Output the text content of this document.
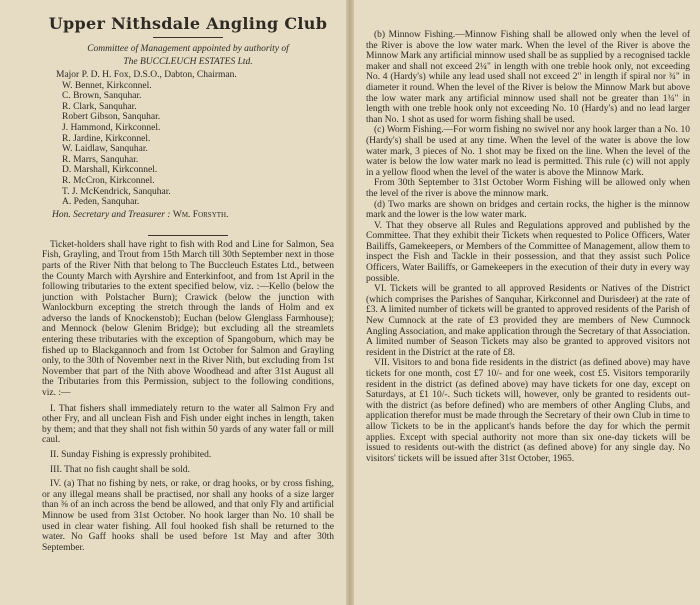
Upper Nithsdale Angling Club
Committee of Management appointed by authority of
The BUCCLEUCH ESTATES Ltd.
Major P. D. H. Fox, D.S.O., Dabton, Chairman.
W. Bennet, Kirkconnel.
C. Brown, Sanquhar.
R. Clark, Sanquhar.
Robert Gibson, Sanquhar.
J. Hammond, Kirkconnel.
R. Jardine, Kirkconnel.
W. Laidlaw, Sanquhar.
R. Marrs, Sanquhar.
D. Marshall, Kirkconnel.
R. McCron, Kirkconnel.
T. J. McKendrick, Sanquhar.
A. Peden, Sanquhar.
Hon. Secretary and Treasurer : Wm. Forsyth.

Ticket-holders shall have right to fish with Rod and Line for Salmon, Sea Fish, Grayling, and Trout from 15th March till 30th September next in those parts of the River Nith that belong to The Buccleuch Estates Ltd., between the County March with Ayrshire and Enterkinfoot, and from 1st April in the following tributaries to the extent specified below, viz. :—Kello (below the junction with Polstacher Burn); Crawick (below the junction with Wanlockburn excepting the stretch through the lands of Holm and ex adverso the lands of Knockenstob); Euchan (below Glenglass Farmhouse); and Mennock (below Glenim Bridge); but excluding all the streamlets entering these tributaries with the exception of Spangoburn, which may be fished up to Blackgannoch and from 1st October for Salmon and Grayling only, to the 30th of November next in the River Nith, but excluding from 1st November that part of the Nith above Woodhead and after 31st August all the Tributaries from this Permission, subject to the following conditions, viz. :—

I. That fishers shall immediately return to the water all Salmon Fry and other Fry, and all unclean Fish and Fish under eight inches in length, taken by them; and that they shall not fish within 50 yards of any water fall or mill caul.

II. Sunday Fishing is expressly prohibited.

III. That no fish caught shall be sold.

IV. (a) That no fishing by nets, or rake, or drag hooks, or by cross fishing, or any illegal means shall be practised, nor shall any hooks of a size larger than ⅜ of an inch across the bend be allowed, and that only Fly and artificial Minnow be used from 31st October. No hook larger than No. 10 shall be used in clear water fishing. All foul hooked fish shall be returned to the water. No Gaff hooks shall be used before 1st May and after 30th September.

(b) Minnow Fishing.—Minnow Fishing shall be allowed only when the level of the River is above the low water mark. When the level of the River is above the Minnow Mark any artificial minnow used shall be as supplied by a recognised tackle maker and shall not exceed 2¼" in length with one treble hook only, not exceeding No. 4 (Hardy's) while any lead used shall not exceed 2" in length if spiral nor ¾" in diameter it round. When the level of the River is below the Minnow Mark but above the low water mark any artificial minnow used shall not be greater than 1¾" in length with one treble hook only not exceeding No. 10 (Hardy's) and no lead larger than No. 1 shot as used for worm fishing shall be used.

(c) Worm Fishing.—For worm fishing no swivel nor any hook larger than a No. 10 (Hardy's) shall be used at any time. When the level of the water is above the low water mark, 3 pieces of No. 1 shot may be fixed on the line. When the level of the water is below the low water mark no lead is permitted. This rule (c) will not apply in a yellow flood when the level of the water is above the Minnow Mark.

From 30th September to 31st October Worm Fishing will be allowed only when the level of the river is above the minnow mark.

(d) Two marks are shown on bridges and certain rocks, the higher is the minnow mark and the lower is the low water mark.

V. That they observe all Rules and Regulations approved and published by the Committee. That they exhibit their Tickets when requested to Police Officers, Water Bailiffs, Gamekeepers, or Members of the Committee of Management, allow them to inspect the Fish and Tackle in their possession, and that they assist such Police Officers, Water Bailiffs, or Gamekeepers in the execution of their duty in every way possible.

VI. Tickets will be granted to all approved Residents or Natives of the District (which comprises the Parishes of Sanquhar, Kirkconnel and Durisdeer) at the rate of £3. A limited number of tickets will be granted to approved residents of the Parish of New Cumnock at the rate of £3 provided they are members of New Cumnock Angling Association, and make application through the Secretary of that Association. A limited number of Season Tickets may also be granted to approved visitors not resident in the District at the rate of £8.

VII. Visitors to and bona fide residents in the district (as defined above) may have tickets for one month, cost £7 10/- and for one week, cost £5. Visitors temporarily resident in the district (as defined above) may have tickets for one day, except on Saturdays, at £1 10/-. Such tickets will, however, only be granted to residents out-with the district (as before defined) who are members of other Angling Clubs, and application therefor must be made through the Secretary of their own Club in time to allow Tickets to be in the applicant's hands before the day for which the permit applies. Except with special authority not more than six one-day tickets will be issued to residents out-with the district (as defined above) for any single day. No visitors' tickets will be issued after 31st October, 1965.
